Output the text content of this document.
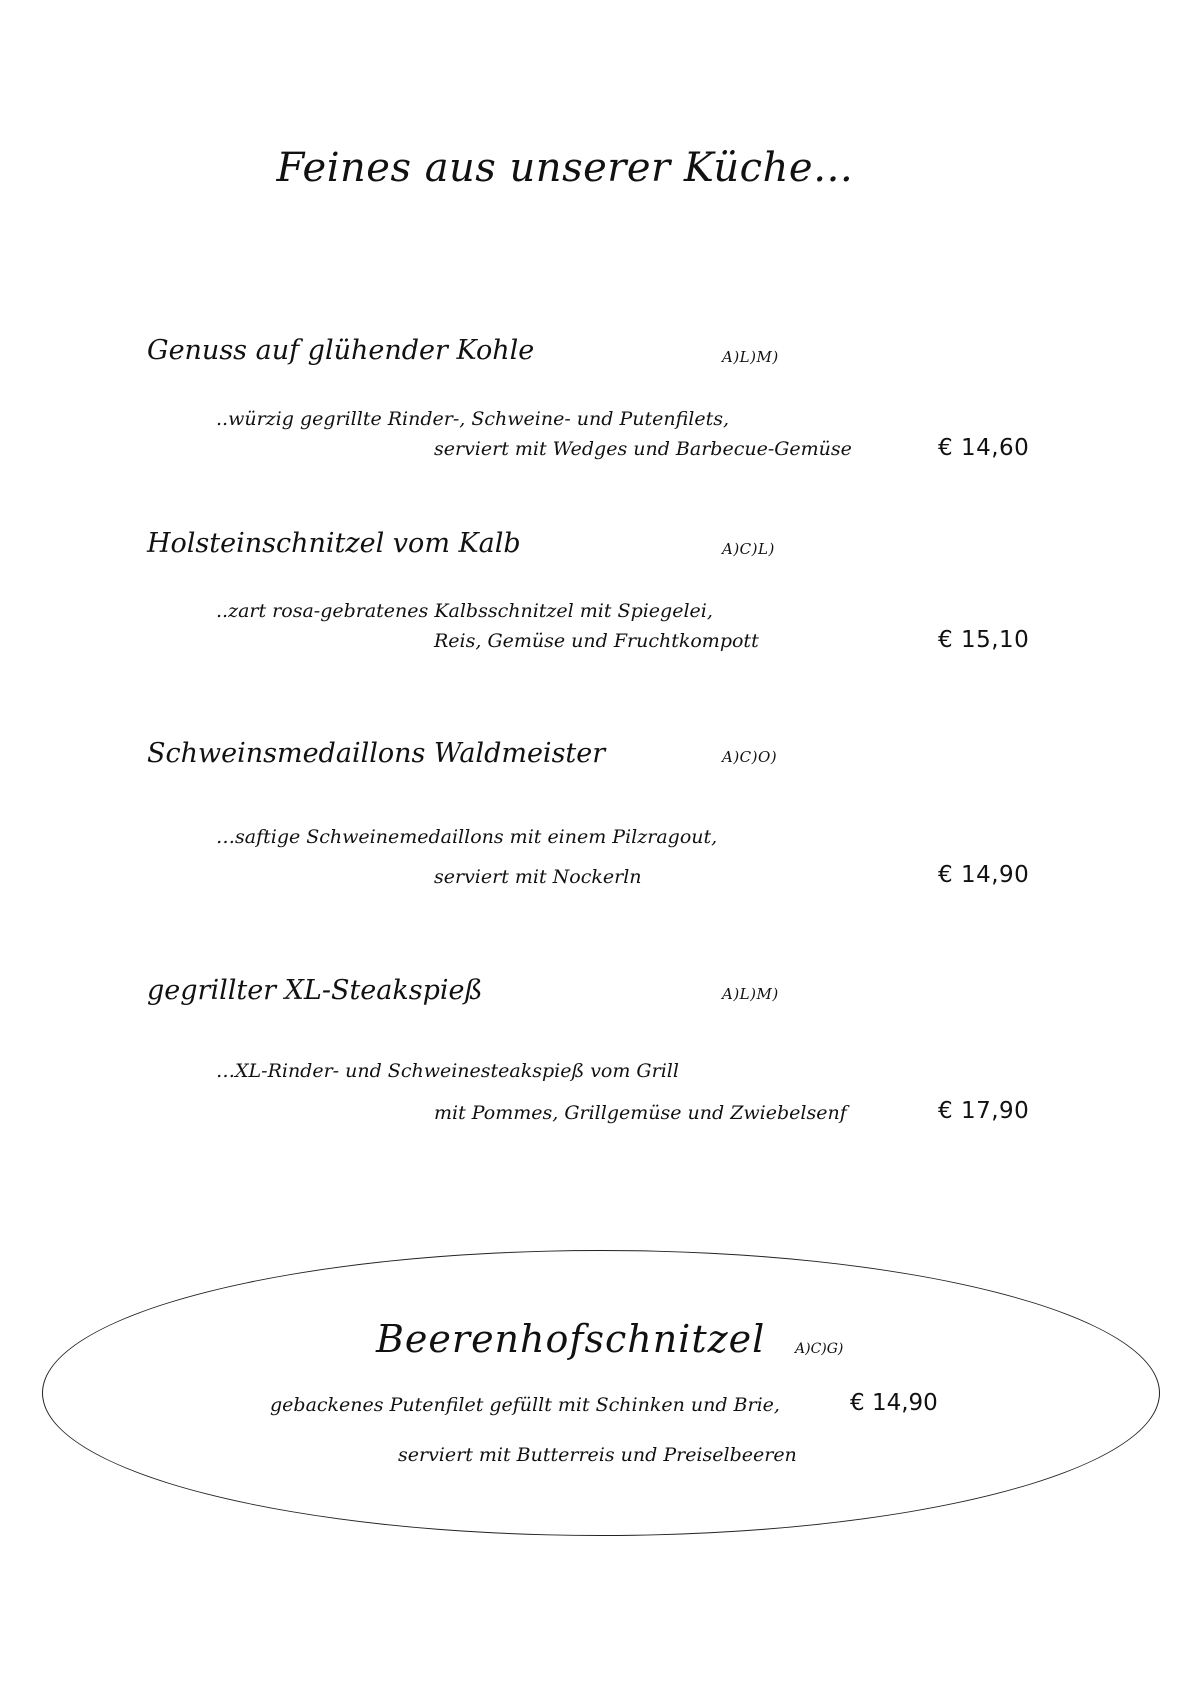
Feines aus unserer Küche…
Genuss auf glühender Kohle	A)L)M)
..würzig gegrillte Rinder-, Schweine- und Putenfilets,
serviert mit Wedges und Barbecue-Gemüse	€ 14,60
Holsteinschnitzel vom Kalb	A)C)L)
..zart rosa-gebratenes Kalbsschnitzel mit Spiegelei,
Reis, Gemüse und Fruchtkompott	€ 15,10
Schweinsmedaillons Waldmeister	A)C)O)
…saftige Schweinemedaillons mit einem Pilzragout,
serviert mit Nockerln	€ 14,90
gegrillter XL-Steakspieß	A)L)M)
…XL-Rinder- und Schweinesteakspieß vom Grill
mit Pommes, Grillgemüse und Zwiebelsenf	€ 17,90
Beerenhofschnitzel A)C)G)
gebackenes Putenfilet gefüllt mit Schinken und Brie,	€ 14,90
serviert mit Butterreis und Preiselbeeren
